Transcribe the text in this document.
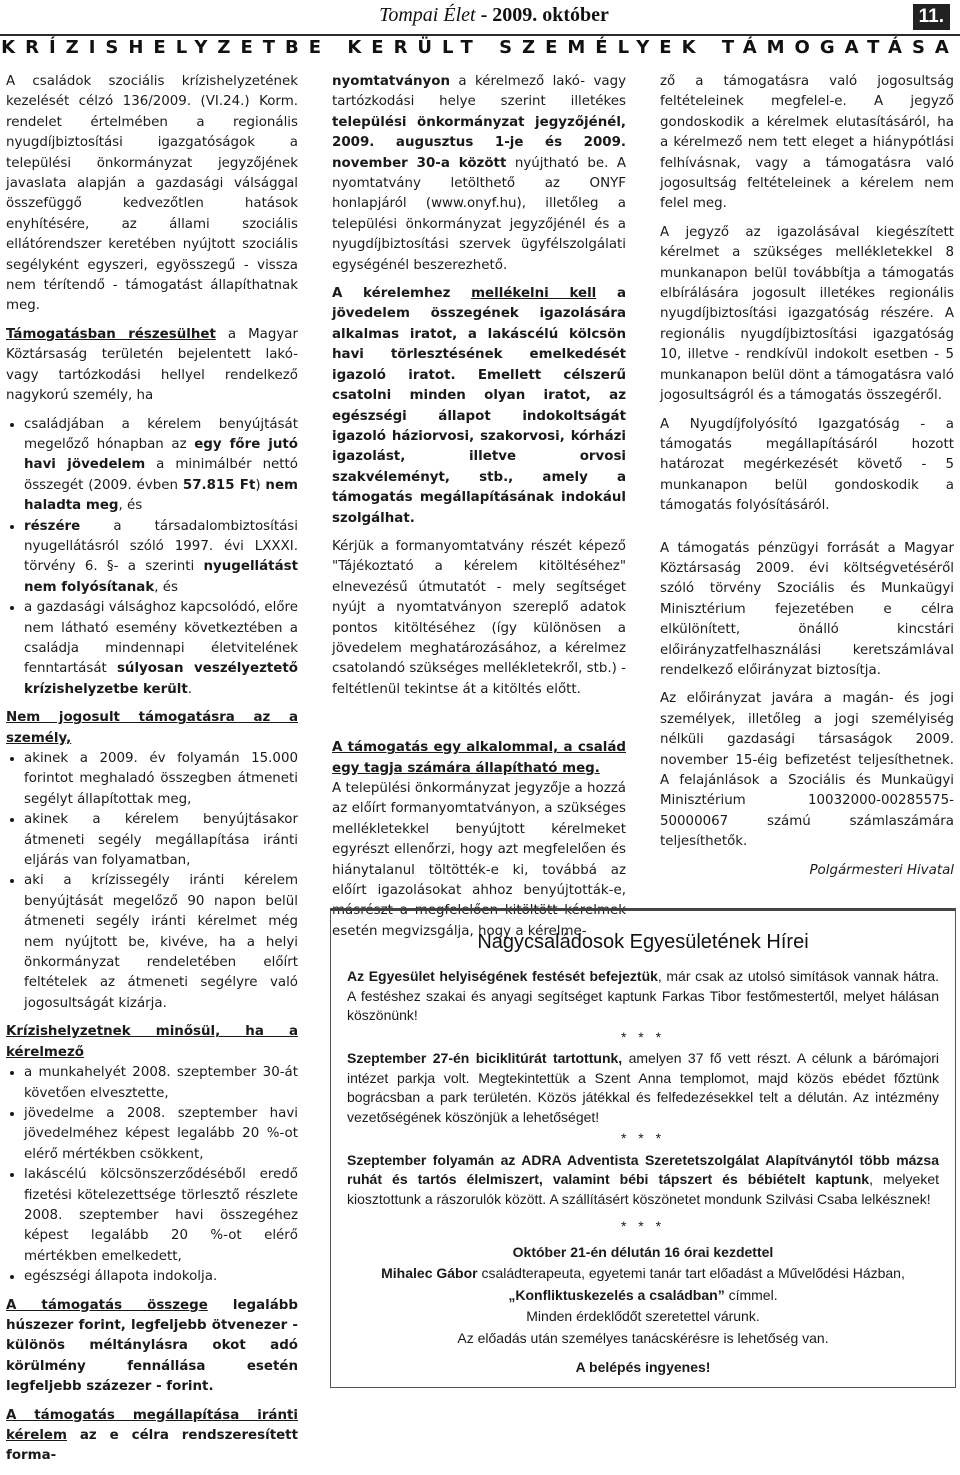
Tompai Élet - 2009. október	11.
KRÍZISHELYZETBE KERÜLT SZEMÉLYEK TÁMOGATÁSA

A családok szociális krízishelyzetének kezelését célzó 136/2009. (VI.24.) Korm. rendelet értelmében a regionális nyugdíjbiztosítási igazgatóságok a települési önkormányzat jegyzőjének javaslata alapján a gazdasági válsággal összefüggő kedvezőtlen hatások enyhítésére, az állami szociális ellátórendszer keretében nyújtott szociális segélyként egyszeri, egyösszegű - vissza nem térítendő - támogatást állapíthatnak meg.

Támogatásban részesülhet a Magyar Köztársaság területén bejelentett lakó- vagy tartózkodási hellyel rendelkező nagykorú személy, ha

• családjában a kérelem benyújtását megelőző hónapban az egy főre jutó havi jövedelem a minimálbér nettó összegét (2009. évben 57.815 Ft) nem haladta meg, és
• részére a társadalombiztosítási nyugellátásról szóló 1997. évi LXXXI. törvény 6. §- a szerinti nyugellátást nem folyósítanak, és
• a gazdasági válsághoz kapcsolódó, előre nem látható esemény következtében a családja mindennapi életvitelének fenntartását súlyosan veszélyeztető krízishelyzetbe került.

Nem jogosult támogatásra az a személy,

• akinek a 2009. év folyamán 15.000 forintot meghaladó összegben átmeneti segélyt állapítottak meg,
• akinek a kérelem benyújtásakor átmeneti segély megállapítása iránti eljárás van folyamatban,
• aki a krízissegély iránti kérelem benyújtását megelőző 90 napon belül átmeneti segély iránti kérelmet még nem nyújtott be, kivéve, ha a helyi önkormányzat rendeletében előírt feltételek az átmeneti segélyre való jogosultságát kizárja.

Krízishelyzetnek minősül, ha a kérelmező

• a munkahelyét 2008. szeptember 30-át követően elvesztette,
• jövedelme a 2008. szeptember havi jövedelméhez képest legalább 20 %-ot elérő mértékben csökkent,
• lakáscélú kölcsönszerződéséből eredő fizetési kötelezettsége törlesztő részlete 2008. szeptember havi összegéhez képest legalább 20 %-ot elérő mértékben emelkedett,
• egészségi állapota indokolja.

A támogatás összege legalább húszezer forint, legfeljebb ötvenezer - különös méltánylásra okot adó körülmény fennállása esetén legfeljebb százezer - forint.

A támogatás megállapítása iránti kérelem az e célra rendszeresített forma-

nyomtatványon a kérelmező lakó- vagy tartózkodási helye szerint illetékes települési önkormányzat jegyzőjénél, 2009. augusztus 1-je és 2009. november 30-a között nyújtható be. A nyomtatvány letölthető az ONYF honlapjáról (www.onyf.hu), illetőleg a települési önkormányzat jegyzőjénél és a nyugdíjbiztosítási szervek ügyfélszolgálati egységénél beszerezhető.

A kérelemhez mellékelni kell a jövedelem összegének igazolására alkalmas iratot, a lakáscélú kölcsön havi törlesztésének emelkedését igazoló iratot. Emellett célszerű csatolni minden olyan iratot, az egészségi állapot indokoltságát igazoló háziorvosi, szakorvosi, kórházi igazolást, illetve orvosi szakvéleményt, stb., amely a támogatás megállapításának indokául szolgálhat.

Kérjük a formanyomtatvány részét képező "Tájékoztató a kérelem kitöltéséhez" elnevezésű útmutatót - mely segítséget nyújt a nyomtatványon szereplő adatok pontos kitöltéséhez (így különösen a jövedelem meghatározásához, a kérelmez csatolandó szükséges mellékletekről, stb.) - feltétlenül tekintse át a kitöltés előtt.

A támogatás egy alkalommal, a család egy tagja számára állapítható meg.

A települési önkormányzat jegyzője a hozzá az előírt formanyomtatványon, a szükséges mellékletekkel benyújtott kérelmeket egyrészt ellenőrzi, hogy azt megfelelően és hiánytalanul töltötték-e ki, továbbá az előírt igazolásokat ahhoz benyújtották-e, másrészt a megfelelően kitöltött kérelmek esetén megvizsgálja, hogy a kérelme-

ző a támogatásra való jogosultság feltételeinek megfelel-e. A jegyző gondoskodik a kérelmek elutasításáról, ha a kérelmező nem tett eleget a hiánypótlási felhívásnak, vagy a támogatásra való jogosultság feltételeinek a kérelem nem felel meg.

A jegyző az igazolásával kiegészített kérelmet a szükséges mellékletekkel 8 munkanapon belül továbbítja a támogatás elbírálására jogosult illetékes regionális nyugdíjbiztosítási igazgatóság részére. A regionális nyugdíjbiztosítási igazgatóság 10, illetve - rendkívül indokolt esetben - 5 munkanapon belül dönt a támogatásra való jogosultságról és a támogatás összegéről.

A Nyugdíjfolyósító Igazgatóság - a támogatás megállapításáról hozott határozat megérkezését követő - 5 munkanapon belül gondoskodik a támogatás folyósításáról.

A támogatás pénzügyi forrását a Magyar Köztársaság 2009. évi költségvetéséről szóló törvény Szociális és Munkaügyi Minisztérium fejezetében e célra elkülönített, önálló kincstári előirányzatfelhasználási keretszámlával rendelkező előirányzat biztosítja.

Az előirányzat javára a magán- és jogi személyek, illetőleg a jogi személyiség nélküli gazdasági társaságok 2009. november 15-éig befizetést teljesíthetnek. A felajánlások a Szociális és Munkaügyi Minisztérium 10032000-00285575-50000067 számú számlaszámára teljesíthetők.

Polgármesteri Hivatal

Nagycsaládosok Egyesületének Hírei

Az Egyesület helyiségének festését befejeztük, már csak az utolsó simítások vannak hátra. A festéshez szakai és anyagi segítséget kaptunk Farkas Tibor festőmestertől, melyet hálásan köszönünk!

* * *

Szeptember 27-én biciklitúrát tartottunk, amelyen 37 fő vett részt. A célunk a bárómajori intézet parkja volt. Megtekintettük a Szent Anna templomot, majd közös ebédet főztünk bográcsban a park területén. Közös játékkal és felfedezésekkel telt a délután. Az intézmény vezetőségének köszönjük a lehetőséget!

* * *

Szeptember folyamán az ADRA Adventista Szeretetszolgálat Alapítványtól több mázsa ruhát és tartós élelmiszert, valamint bébi tápszert és bébiételt kaptunk, melyeket kiosztottunk a rászorulók között. A szállításért köszönetet mondunk Szilvási Csaba lelkésznek!

* * *

Október 21-én délután 16 órai kezdettel

Mihalec Gábor családterapeuta, egyetemi tanár tart előadást a Művelődési Házban,

„Konfliktuskezelés a családban” címmel.

Minden érdeklődőt szeretettel várunk.

Az előadás után személyes tanácskérésre is lehetőség van.

A belépés ingyenes!
